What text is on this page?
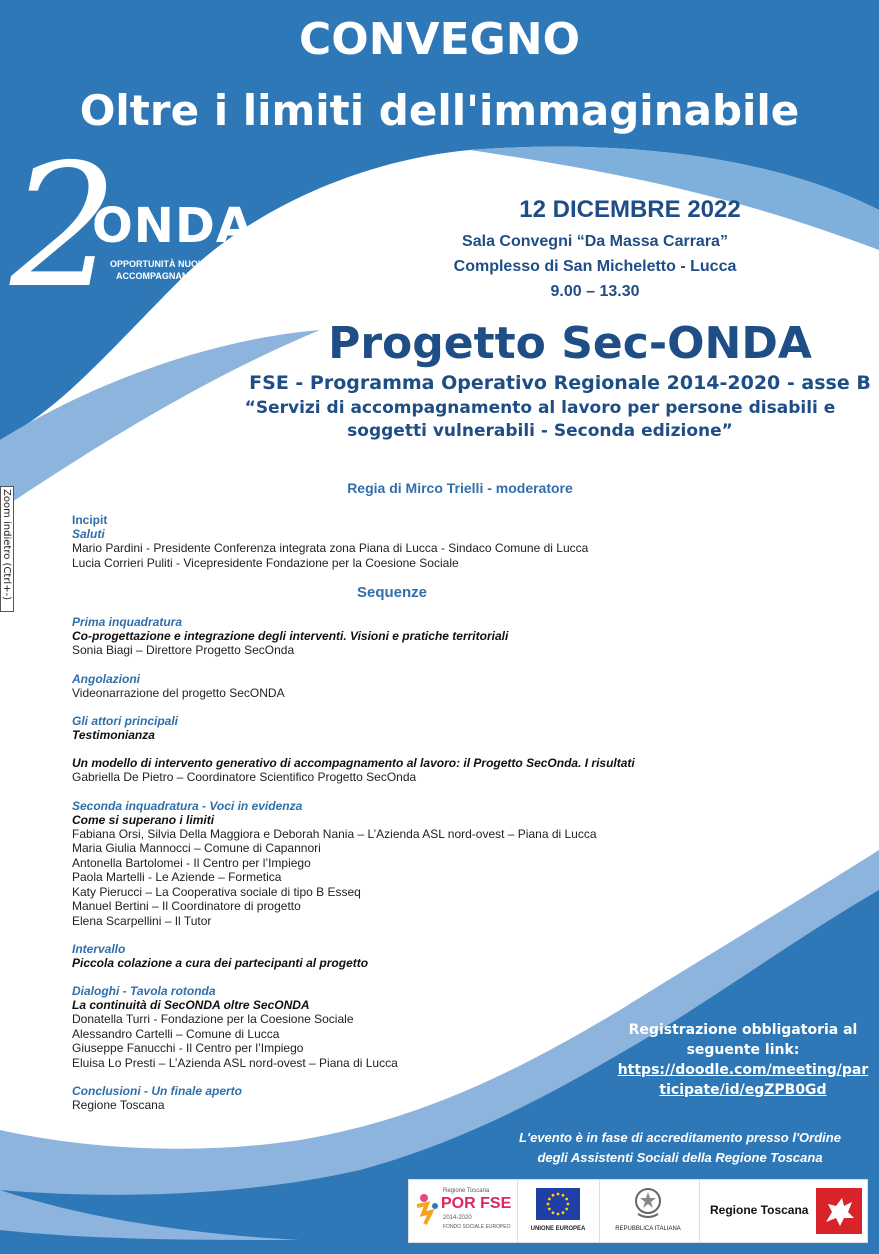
CONVEGNO
Oltre i limiti dell'immaginabile
2
ONDA
OPPORTUNITÀ NUOVE DI
ACCOMPAGNAMENTO
12 DICEMBRE 2022
Sala Convegni “Da Massa Carrara”
Complesso di San Micheletto - Lucca
9.00 – 13.30
Progetto Sec-ONDA
FSE - Programma Operativo Regionale 2014-2020 - asse B
“Servizi di accompagnamento al lavoro per persone disabili e
soggetti vulnerabili - Seconda edizione”
Regia di Mirco Trielli - moderatore
Zoom indietro (Ctrl+-)	Incipit
Saluti
Mario Pardini - Presidente Conferenza integrata zona Piana di Lucca - Sindaco Comune di Lucca
Lucia Corrieri Puliti - Vicepresidente Fondazione per la Coesione Sociale
Sequenze
Prima inquadratura
Co-progettazione e integrazione degli interventi. Visioni e pratiche territoriali
Sonia Biagi – Direttore Progetto SecOnda
Angolazioni
Videonarrazione del progetto SecONDA
Gli attori principali
Testimonianza
Un modello di intervento generativo di accompagnamento al lavoro: il Progetto SecOnda. I risultati
Gabriella De Pietro – Coordinatore Scientifico Progetto SecOnda
Seconda inquadratura - Voci in evidenza
Come si superano i limiti
Fabiana Orsi, Silvia Della Maggiora e Deborah Nania – L’Azienda ASL nord-ovest – Piana di Lucca
Maria Giulia Mannocci – Comune di Capannori
Antonella Bartolomei - Il Centro per l’Impiego
Paola Martelli - Le Aziende – Formetica
Katy Pierucci – La Cooperativa sociale di tipo B Esseq
Manuel Bertini – Il Coordinatore di progetto
Elena Scarpellini – Il Tutor
Intervallo
Piccola colazione a cura dei partecipanti al progetto
Dialoghi - Tavola rotonda
La continuità di SecONDA oltre SecONDA
Donatella Turri - Fondazione per la Coesione Sociale
Alessandro Cartelli – Comune di Lucca
Giuseppe Fanucchi - Il Centro per l’Impiego
Eluisa Lo Presti – L’Azienda ASL nord-ovest – Piana di Lucca
Conclusioni - Un finale aperto
Regione Toscana
Registrazione obbligatoria al
seguente link:
https://doodle.com/meeting/par
ticipate/id/egZPB0Gd
L'evento è in fase di accreditamento presso l'Ordine
degli Assistenti Sociali della Regione Toscana
Regione Toscana
POR FSE
2014-2020
FONDO SOCIALE EUROPEO	UNIONE EUROPEA	REPUBBLICA ITALIANA
Regione Toscana
